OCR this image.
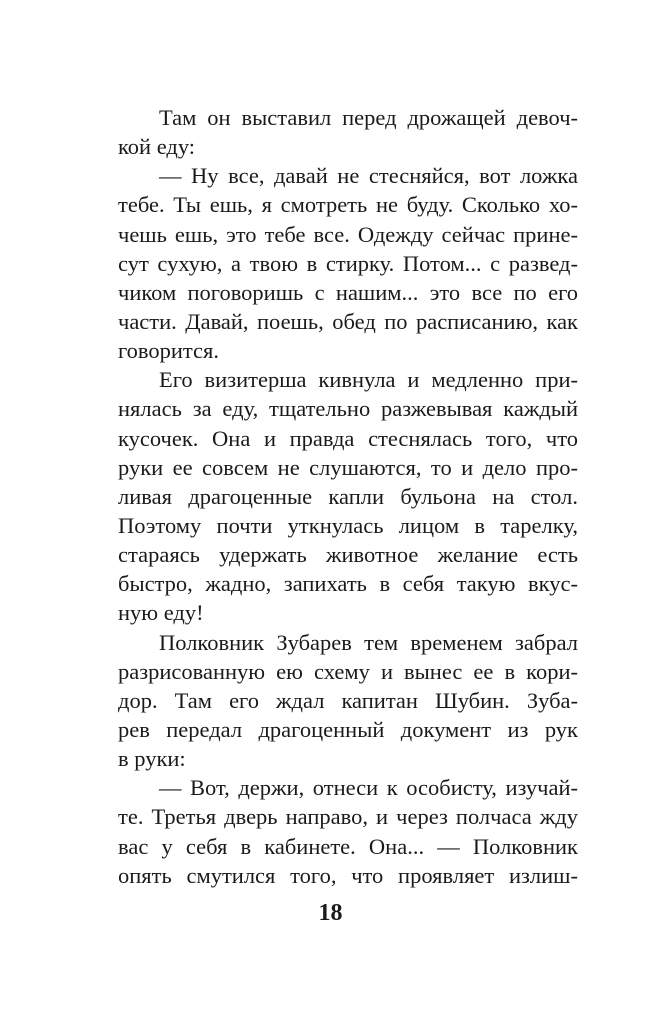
Там он выставил перед дрожащей девоч-
кой еду:
— Ну все, давай не стесняйся, вот ложка
тебе. Ты ешь, я смотреть не буду. Сколько хо-
чешь ешь, это тебе все. Одежду сейчас прине-
сут сухую, а твою в стирку. Потом... с развед-
чиком поговоришь с нашим... это все по его
части. Давай, поешь, обед по расписанию, как
говорится.
Его визитерша кивнула и медленно при-
нялась за еду, тщательно разжевывая каждый
кусочек. Она и правда стеснялась того, что
руки ее совсем не слушаются, то и дело про-
ливая драгоценные капли бульона на стол.
Поэтому почти уткнулась лицом в тарелку,
стараясь удержать животное желание есть
быстро, жадно, запихать в себя такую вкус-
ную еду!
Полковник Зубарев тем временем забрал
разрисованную ею схему и вынес ее в кори-
дор. Там его ждал капитан Шубин. Зуба-
рев передал драгоценный документ из рук
в руки:
— Вот, держи, отнеси к особисту, изучай-
те. Третья дверь направо, и через полчаса жду
вас у себя в кабинете. Она... — Полковник
опять смутился того, что проявляет излиш-
18
